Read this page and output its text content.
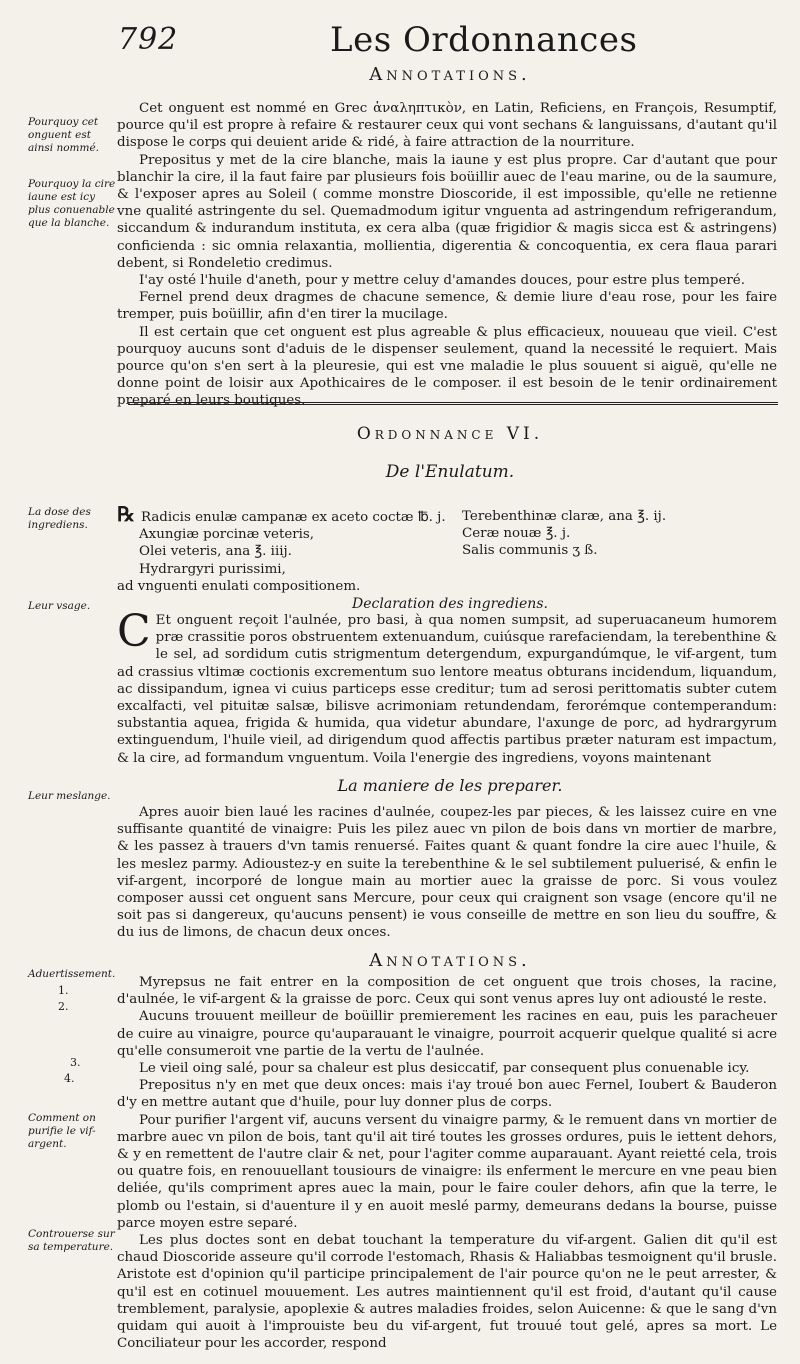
792	Les Ordonnances
Annotations.
Pourquoy cet onguent est ainsi nommé.
Pourquoy la cire iaune est icy plus conuenable que la blanche.

Cet onguent est nommé en Grec ἀναληπτικὸν, en Latin, Reficiens, en François, Resumptif, pource qu'il est propre à refaire & restaurer ceux qui vont sechans & languissans, d'autant qu'il dispose le corps qui deuient aride & ridé, à faire attraction de la nourriture.

Prepositus y met de la cire blanche, mais la iaune y est plus propre. Car d'autant que pour blanchir la cire, il la faut faire par plusieurs fois boüillir auec de l'eau marine, ou de la saumure, & l'exposer apres au Soleil ( comme monstre Dioscoride, il est impossible, qu'elle ne retienne vne qualité astringente du sel. Quemadmodum igitur vnguenta ad astringendum refrigerandum, siccandum & indurandum instituta, ex cera alba (quæ frigidior & magis sicca est & astringens) conficienda : sic omnia relaxantia, mollientia, digerentia & concoquentia, ex cera flaua parari debent, si Rondeletio credimus.

I'ay osté l'huile d'aneth, pour y mettre celuy d'amandes douces, pour estre plus temperé.

Fernel prend deux dragmes de chacune semence, & demie liure d'eau rose, pour les faire tremper, puis boüillir, afin d'en tirer la mucilage.

Il est certain que cet onguent est plus agreable & plus efficacieux, nouueau que vieil. C'est pourquoy aucuns sont d'aduis de le dispenser seulement, quand la necessité le requiert. Mais pource qu'on s'en sert à la pleuresie, qui est vne maladie le plus souuent si aiguë, qu'elle ne donne point de loisir aux Apothicaires de le composer. il est besoin de le tenir ordinairement preparé en leurs boutiques.

Ordonnance VI.
De l'Enulatum.
La dose des ingrediens.	℞ Radicis enulæ campanæ ex aceto coctæ ℔. j.
Axungiæ porcinæ veteris,
Olei veteris, ana ℥. iiij.
Hydrargyri purissimi,
ad vnguenti enulati compositionem.
Terebenthinæ claræ, ana ℥. ij.
Ceræ nouæ ℥. j.
Salis communis ʒ ß.
Declaration des ingrediens.
Leur vsage. C Et onguent reçoit l'aulnée, pro basi, à qua nomen sumpsit, ad superuacaneum humorem præ crassitie poros obstruentem extenuandum, cuiúsque rarefaciendam, la terebenthine & le sel, ad sordidum cutis strigmentum detergendum, expurgandúmque, le vif-argent, tum ad crassius vltimæ coctionis excrementum suo lentore meatus obturans incidendum, liquandum, ac dissipandum, ignea vi cuius particeps esse creditur; tum ad serosi perittomatis subter cutem excalfacti, vel pituitæ salsæ, bilisve acrimoniam retundendam, ferorémque contemperandum: substantia aquea, frigida & humida, qua videtur abundare, l'axunge de porc, ad hydrargyrum extinguendum, l'huile vieil, ad dirigendum quod affectis partibus præter naturam est impactum, & la cire, ad formandum vnguentum. Voila l'energie des ingrediens, voyons maintenant
La maniere de les preparer.
Leur meslange.

Apres auoir bien laué les racines d'aulnée, coupez-les par pieces, & les laissez cuire en vne suffisante quantité de vinaigre: Puis les pilez auec vn pilon de bois dans vn mortier de marbre, & les passez à trauers d'vn tamis renuersé. Faites quant & quant fondre la cire auec l'huile, & les meslez parmy. Adioustez-y en suite la terebenthine & le sel subtilement puluerisé, & enfin le vif-argent, incorporé de longue main au mortier auec la graisse de porc. Si vous voulez composer aussi cet onguent sans Mercure, pour ceux qui craignent son vsage (encore qu'il ne soit pas si dangereux, qu'aucuns pensent) ie vous conseille de mettre en son lieu du souffre, & du ius de limons, de chacun deux onces.

Annotations.
Aduertissement.
1.
2.
3.
4.
Comment on purifie le vif-argent.
Controuerse sur sa temperature.

Myrepsus ne fait entrer en la composition de cet onguent que trois choses, la racine, d'aulnée, le vif-argent & la graisse de porc. Ceux qui sont venus apres luy ont adiousté le reste.

Aucuns trouuent meilleur de boüillir premierement les racines en eau, puis les paracheuer de cuire au vinaigre, pource qu'auparauant le vinaigre, pourroit acquerir quelque qualité si acre qu'elle consumeroit vne partie de la vertu de l'aulnée.

Le vieil oing salé, pour sa chaleur est plus desiccatif, par consequent plus conuenable icy.

Prepositus n'y en met que deux onces: mais i'ay troué bon auec Fernel, Ioubert & Bauderon d'y en mettre autant que d'huile, pour luy donner plus de corps.

Pour purifier l'argent vif, aucuns versent du vinaigre parmy, & le remuent dans vn mortier de marbre auec vn pilon de bois, tant qu'il ait tiré toutes les grosses ordures, puis le iettent dehors, & y en remettent de l'autre clair & net, pour l'agiter comme auparauant. Ayant reietté cela, trois ou quatre fois, en renouuellant tousiours de vinaigre: ils enferment le mercure en vne peau bien deliée, qu'ils compriment apres auec la main, pour le faire couler dehors, afin que la terre, le plomb ou l'estain, si d'auenture il y en auoit meslé parmy, demeurans dedans la bourse, puisse parce moyen estre separé.

Les plus doctes sont en debat touchant la temperature du vif-argent. Galien dit qu'il est chaud Dioscoride asseure qu'il corrode l'estomach, Rhasis & Haliabbas tesmoignent qu'il brusle. Aristote est d'opinion qu'il participe principalement de l'air pource qu'on ne le peut arrester, & qu'il est en cotinuel mouuement. Les autres maintiennent qu'il est froid, d'autant qu'il cause tremblement, paralysie, apoplexie & autres maladies froides, selon Auicenne: & que le sang d'vn quidam qui auoit à l'improuiste beu du vif-argent, fut trouué tout gelé, apres sa mort. Le Conciliateur pour les accorder, respond
